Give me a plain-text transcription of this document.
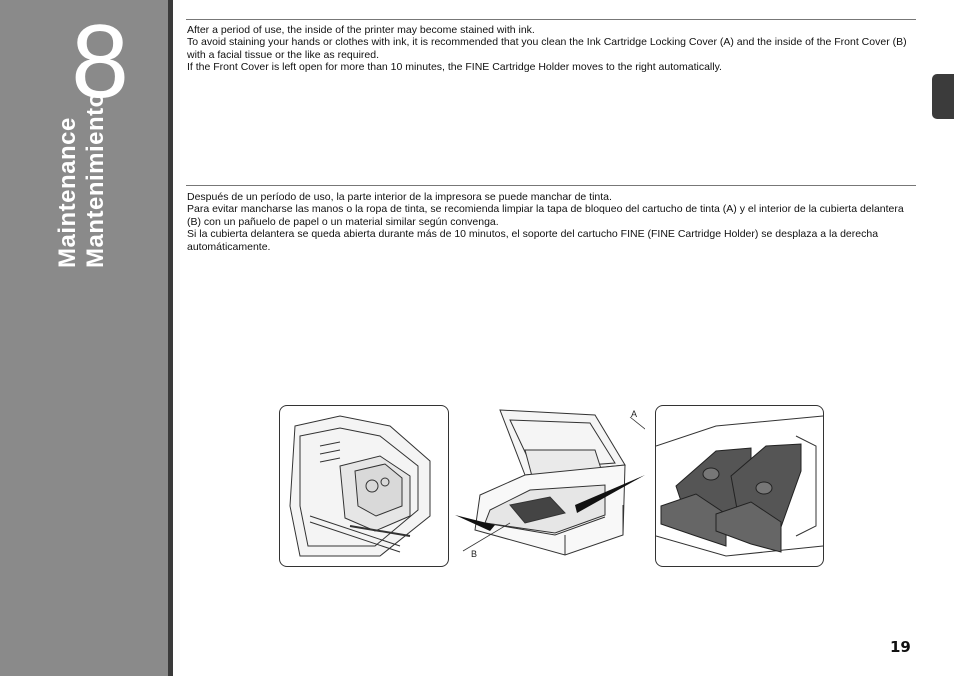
8
Maintenance Mantenimiento

After a period of use, the inside of the printer may become stained with ink.

To avoid staining your hands or clothes with ink, it is recommended that you clean the Ink Cartridge Locking Cover (A) and the inside of the Front Cover (B) with a facial tissue or the like as required.

If the Front Cover is left open for more than 10 minutes, the FINE Cartridge Holder moves to the right automatically.

Después de un período de uso, la parte interior de la impresora se puede manchar de tinta.

Para evitar mancharse las manos o la ropa de tinta, se recomienda limpiar la tapa de bloqueo del cartucho de tinta (A) y el interior de la cubierta delantera (B) con un pañuelo de papel o un material similar según convenga.

Si la cubierta delantera se queda abierta durante más de 10 minutos, el soporte del cartucho FINE (FINE Cartridge Holder) se desplaza a la derecha automáticamente.

A
B
19
